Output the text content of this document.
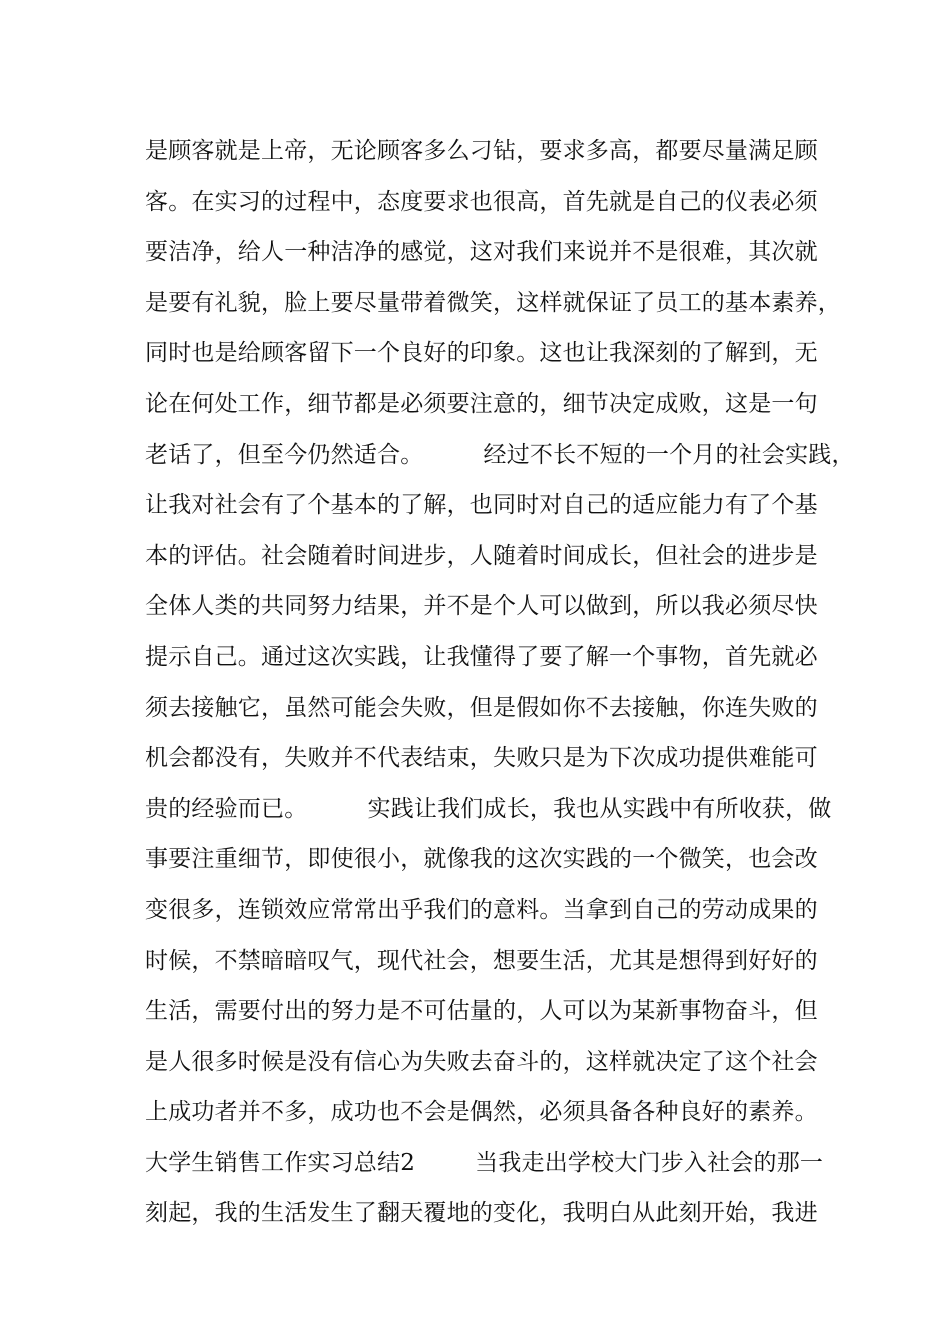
是顾客就是上帝，无论顾客多么刁钻，要求多高，都要尽量满足顾
客。在实习的过程中，态度要求也很高，首先就是自己的仪表必须
要洁净，给人一种洁净的感觉，这对我们来说并不是很难，其次就
是要有礼貌，脸上要尽量带着微笑，这样就保证了员工的基本素养，
同时也是给顾客留下一个良好的印象。这也让我深刻的了解到，无
论在何处工作，细节都是必须要注意的，细节决定成败，这是一句
老话了，但至今仍然适合。        经过不长不短的一个月的社会实践，
让我对社会有了个基本的了解，也同时对自己的适应能力有了个基
本的评估。社会随着时间进步，人随着时间成长，但社会的进步是
全体人类的共同努力结果，并不是个人可以做到，所以我必须尽快
提示自己。通过这次实践，让我懂得了要了解一个事物，首先就必
须去接触它，虽然可能会失败，但是假如你不去接触，你连失败的
机会都没有，失败并不代表结束，失败只是为下次成功提供难能可
贵的经验而已。        实践让我们成长，我也从实践中有所收获，做
事要注重细节，即使很小，就像我的这次实践的一个微笑，也会改
变很多，连锁效应常常出乎我们的意料。当拿到自己的劳动成果的
时候，不禁暗暗叹气，现代社会，想要生活，尤其是想得到好好的
生活，需要付出的努力是不可估量的，人可以为某新事物奋斗，但
是人很多时候是没有信心为失败去奋斗的，这样就决定了这个社会
上成功者并不多，成功也不会是偶然，必须具备各种良好的素养。
大学生销售工作实习总结2        当我走出学校大门步入社会的那一
刻起，我的生活发生了翻天覆地的变化，我明白从此刻开始，我进
